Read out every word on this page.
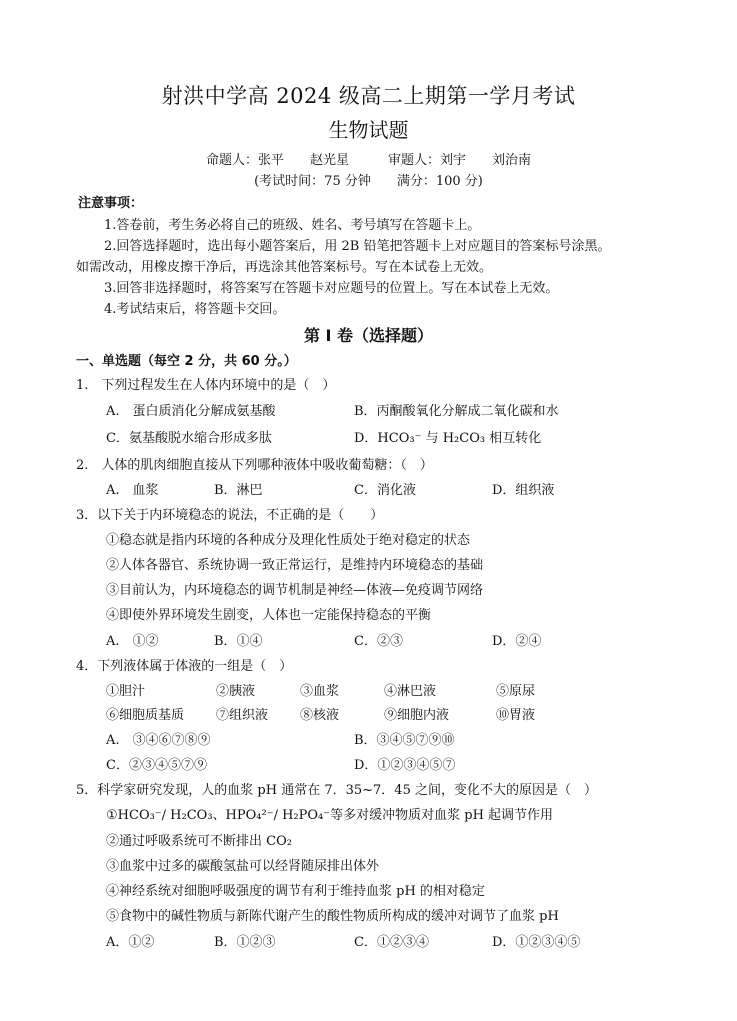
射洪中学高 2024 级高二上期第一学月考试
生物试题
命题人：张平　　赵光星　　　审题人：刘宇　　刘治南
(考试时间：75 分钟　　满分：100 分)
注意事项：
1.答卷前，考生务必将自己的班级、姓名、考号填写在答题卡上。
2.回答选择题时，选出每小题答案后，用 2B 铅笔把答题卡上对应题目的答案标号涂黑。
如需改动，用橡皮擦干净后，再选涂其他答案标号。写在本试卷上无效。
3.回答非选择题时，将答案写在答题卡对应题号的位置上。写在本试卷上无效。
4.考试结束后，将答题卡交回。
第 I 卷（选择题）
一、单选题（每空 2 分，共 60 分。）
1.　下列过程发生在人体内环境中的是（　）
A.　蛋白质消化分解成氨基酸	B．丙酮酸氧化分解成二氧化碳和水
C．氨基酸脱水缩合形成多肽	D．HCO₃⁻ 与 H₂CO₃ 相互转化
2.　人体的肌肉细胞直接从下列哪种液体中吸收葡萄糖：（　）
A.　血浆	B．淋巴	C．消化液	D．组织液
3．以下关于内环境稳态的说法，不正确的是（　　）
①稳态就是指内环境的各种成分及理化性质处于绝对稳定的状态
②人体各器官、系统协调一致正常运行，是维持内环境稳态的基础
③目前认为，内环境稳态的调节机制是神经—体液—免疫调节网络
④即使外界环境发生剧变，人体也一定能保持稳态的平衡
A.　①②	B．①④	C．②③	D．②④
4．下列液体属于体液的一组是（　）
①胆汁	②胰液	③血浆	④淋巴液	⑤原尿
⑥细胞质基质 ⑦组织液 ⑧核液	⑨细胞内液	⑩胃液
A.　③④⑥⑦⑧⑨	B．③④⑤⑦⑨⑩
C．②③④⑤⑦⑨	D．①②③④⑤⑦
5．科学家研究发现，人的血浆 pH 通常在 7．35~7．45 之间，变化不大的原因是（　）
①HCO₃⁻/ H₂CO₃、HPO₄²⁻/ H₂PO₄⁻等多对缓冲物质对血浆 pH 起调节作用
②通过呼吸系统可不断排出 CO₂
③血浆中过多的碳酸氢盐可以经肾随尿排出体外
④神经系统对细胞呼吸强度的调节有利于维持血浆 pH 的相对稳定
⑤食物中的碱性物质与新陈代谢产生的酸性物质所构成的缓冲对调节了血浆 pH
A．①②	B．①②③	C．①②③④	D．①②③④⑤
